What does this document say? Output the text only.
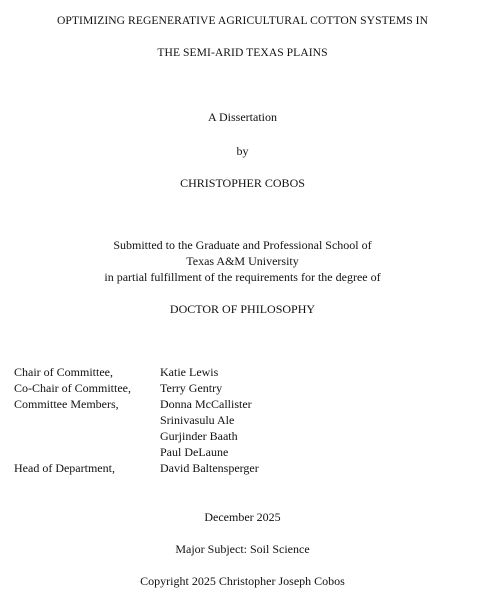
OPTIMIZING REGENERATIVE AGRICULTURAL COTTON SYSTEMS IN
THE SEMI-ARID TEXAS PLAINS
A Dissertation
by
CHRISTOPHER COBOS
Submitted to the Graduate and Professional School of
Texas A&M University
in partial fulfillment of the requirements for the degree of
DOCTOR OF PHILOSOPHY
Chair of Committee,	Katie Lewis
Co-Chair of Committee, Terry Gentry
Committee Members,	Donna McCallister
Srinivasulu Ale
Gurjinder Baath
Paul DeLaune
Head of Department,	David Baltensperger
December 2025
Major Subject: Soil Science
Copyright 2025 Christopher Joseph Cobos
